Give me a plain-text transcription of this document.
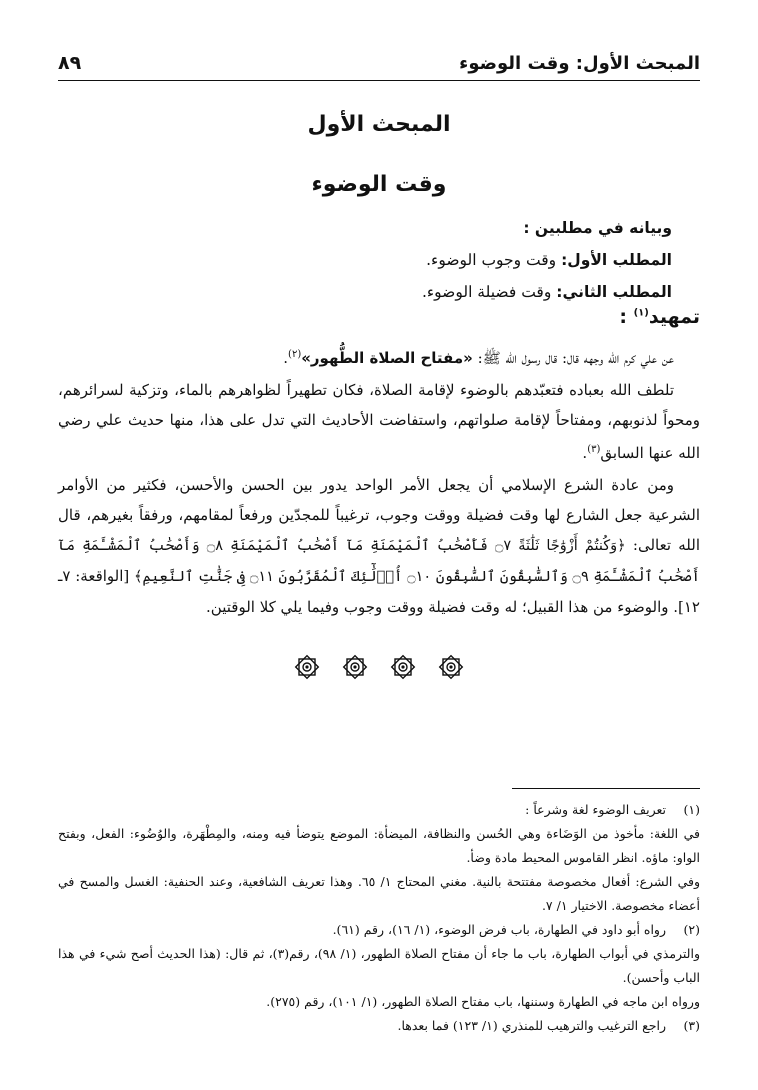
المبحث الأول: وقت الوضوء
٨٩
المبحث الأول
وقت الوضوء
وبيانه في مطلبين :
المطلب الأول: وقت وجوب الوضوء.
المطلب الثاني: وقت فضيلة الوضوء.
تمهيد$^{(١)}$ :

عن علي كرم الله وجهه قال: قال رسول الله ﷺ: «مفتاح الصلاة الطُّهور»$^{(٢)}$.

تلطف الله بعباده فتعبّدهم بالوضوء لإقامة الصلاة، فكان تطهيراً لظواهرهم بالماء، وتزكية لسرائرهم، ومحواً لذنوبهم، ومفتاحاً لإقامة صلواتهم، واستفاضت الأحاديث التي تدل على هذا، منها حديث علي رضي الله عنها السابق$^{(٣)}$.

ومن عادة الشرع الإسلامي أن يجعل الأمر الواحد يدور بين الحسن والأحسن، فكثير من الأوامر الشرعية جعل الشارع لها وقت فضيلة ووقت وجوب، ترغيباً للمجدّين ورفعاً لمقامهم، ورفقاً بغيرهم، قال الله تعالى: ﴿وَكُنتُمْ أَزْوَٰجًا ثَلَٰثَةً ۝٧ فَأَصْحَٰبُ ٱلْمَيْمَنَةِ مَآ أَصْحَٰبُ ٱلْمَيْمَنَةِ ۝٨ وَأَصْحَٰبُ ٱلْمَشْـَٔمَةِ مَآ أَصْحَٰبُ ٱلْمَشْـَٔمَةِ ۝٩ وَٱلسَّٰبِقُونَ ٱلسَّٰبِقُونَ ۝١٠ أُو۟لَٰٓئِكَ ٱلْمُقَرَّبُونَ ۝١١ فِى جَنَّٰتِ ٱلنَّعِيمِ﴾ [الواقعة: ٧ـ ١٢]. والوضوء من هذا القبيل؛ له وقت فضيلة ووقت وجوب وفيما يلي كلا الوقتين.

(١)

تعريف الوضوء لغة وشرعاً :

في اللغة: مأخوذ من الوَضَاءة وهي الحُسن والنظافة، الميضأة: الموضع يتوضأ فيه ومنه، والمِطْهَرة، والوُضُوء: الفعل، وبفتح الواو: ماؤه. انظر القاموس المحيط مادة وضأ.

وفي الشرع: أفعال مخصوصة مفتتحة بالنية. مغني المحتاج ١/ ٦٥. وهذا تعريف الشافعية، وعند الحنفية: الغسل والمسح في أعضاء مخصوصة. الاختيار ١/ ٧.

(٢)

رواه أبو داود في الطهارة، باب فرض الوضوء، (١/ ١٦)، رقم (٦١).

والترمذي في أبواب الطهارة، باب ما جاء أن مفتاح الصلاة الطهور، (١/ ٩٨)، رقم(٣)، ثم قال: (هذا الحديث أصح شيء في هذا الباب وأحسن).

ورواه ابن ماجه في الطهارة وسننها، باب مفتاح الصلاة الطهور، (١/ ١٠١)، رقم (٢٧٥).

(٣)

راجع الترغيب والترهيب للمنذري (١/ ١٢٣) فما بعدها.
